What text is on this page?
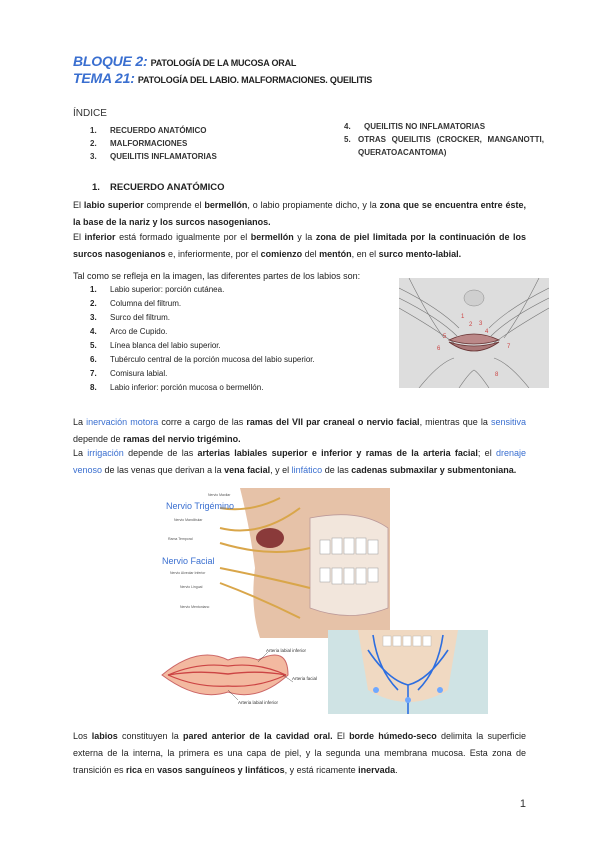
BLOQUE 2: PATOLOGÍA DE LA MUCOSA ORAL
TEMA 21: PATOLOGÍA DEL LABIO. MALFORMACIONES. QUEILITIS
ÍNDICE
1.	RECUERDO ANATÓMICO
2.	MALFORMACIONES
3.	QUEILITIS INFLAMATORIAS
4.	QUEILITIS NO INFLAMATORIAS
5. OTRAS QUEILITIS (CROCKER, MANGANOTTI, QUERATOACANTOMA)
1. RECUERDO ANATÓMICO

El labio superior comprende el bermellón, o labio propiamente dicho, y la zona que se encuentra entre éste, la base de la nariz y los surcos nasogenianos.

El inferior está formado igualmente por el bermellón y la zona de piel limitada por la continuación de los surcos nasogenianos e, inferiormente, por el comienzo del mentón, en el surco mento-labial.

Tal como se refleja en la imagen, las diferentes partes de los labios son:

1.	Labio superior: porción cutánea.
2.	Columna del filtrum.
3.	Surco del filtrum.
4.	Arco de Cupido.
5.	Línea blanca del labio superior.
6.	Tubérculo central de la porción mucosa del labio superior.
7.	Comisura labial.
8.	Labio inferior: porción mucosa o bermellón.
1
2 3
4
5
6	7
8

La inervación motora corre a cargo de las ramas del VII par craneal o nervio facial, mientras que la sensitiva depende de ramas del nervio trigémino.

La irrigación depende de las arterias labiales superior e inferior y ramas de la arteria facial; el drenaje venoso de las venas que derivan a la vena facial, y el linfático de las cadenas submaxilar y submentoniana.

Nervio Trigémino
Nervio Facial
Nervio Maxilar
Nervio Mandibular
Rama Temporal
Nervio Alveolar Inferior
Nervio Lingual
Nervio Mentoniano
Arteria labial inferior
Arteria facial
Arteria labial inferior

Los labios constituyen la pared anterior de la cavidad oral. El borde húmedo-seco delimita la superficie externa de la interna, la primera es una capa de piel, y la segunda una membrana mucosa. Esta zona de transición es rica en vasos sanguíneos y linfáticos, y está ricamente inervada.

1
